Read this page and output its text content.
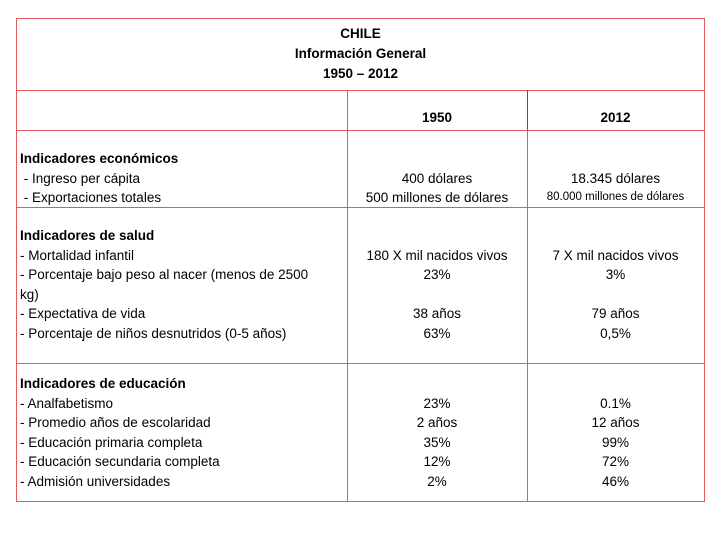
CHILE
Información General
1950 – 2012
1950	2012
Indicadores económicos
- Ingreso per cápita
- Exportaciones totales
400 dólares
500 millones de dólares
18.345 dólares
80.000 millones de dólares
Indicadores de salud
- Mortalidad infantil
- Porcentaje bajo peso al nacer (menos de 2500
kg)
- Expectativa de vida
- Porcentaje de niños desnutridos (0-5 años)
180 X mil nacidos vivos
23%
38 años
63%
7 X mil nacidos vivos
3%
79 años
0,5%
Indicadores de educación
- Analfabetismo
- Promedio años de escolaridad
- Educación primaria completa
- Educación secundaria completa
- Admisión universidades
23%
2 años
35%
12%
2%
0.1%
12 años
99%
72%
46%
